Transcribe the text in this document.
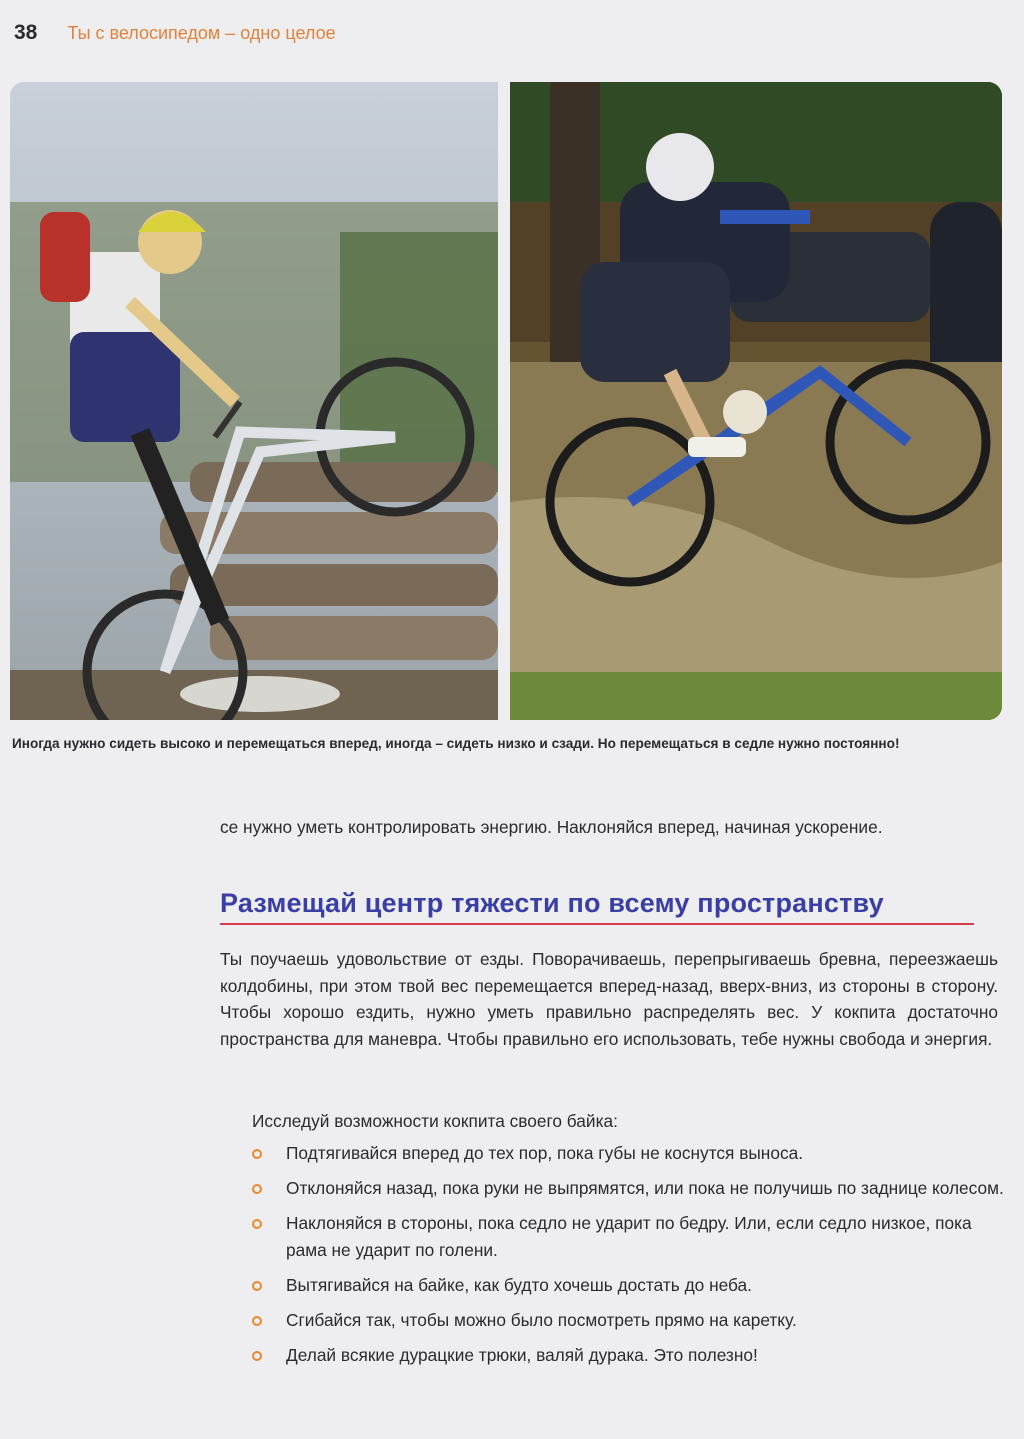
38 Ты с велосипедом – одно целое
Иногда нужно сидеть высоко и перемещаться вперед, иногда – сидеть низко и сзади. Но перемещаться в седле нужно постоянно!
се нужно уметь контролировать энергию. Наклоняйся вперед, начиная ускорение.
Размещай центр тяжести по всему пространству
Ты поучаешь удовольствие от езды. Поворачиваешь, перепрыгиваешь бревна, переезжаешь колдобины, при этом твой вес перемещается вперед-назад, вверх-вниз, из стороны в сторону. Чтобы хорошо ездить, нужно уметь правильно распределять вес. У кокпита достаточно пространства для маневра. Чтобы правильно его использовать, тебе нужны свобода и энергия.
Исследуй возможности кокпита своего байка:
Подтягивайся вперед до тех пор, пока губы не коснутся выноса.
Отклоняйся назад, пока руки не выпрямятся, или пока не получишь по заднице колесом.
Наклоняйся в стороны, пока седло не ударит по бедру. Или, если седло низкое, пока рама не ударит по голени.
Вытягивайся на байке, как будто хочешь достать до неба.
Сгибайся так, чтобы можно было посмотреть прямо на каретку.
Делай всякие дурацкие трюки, валяй дурака. Это полезно!
